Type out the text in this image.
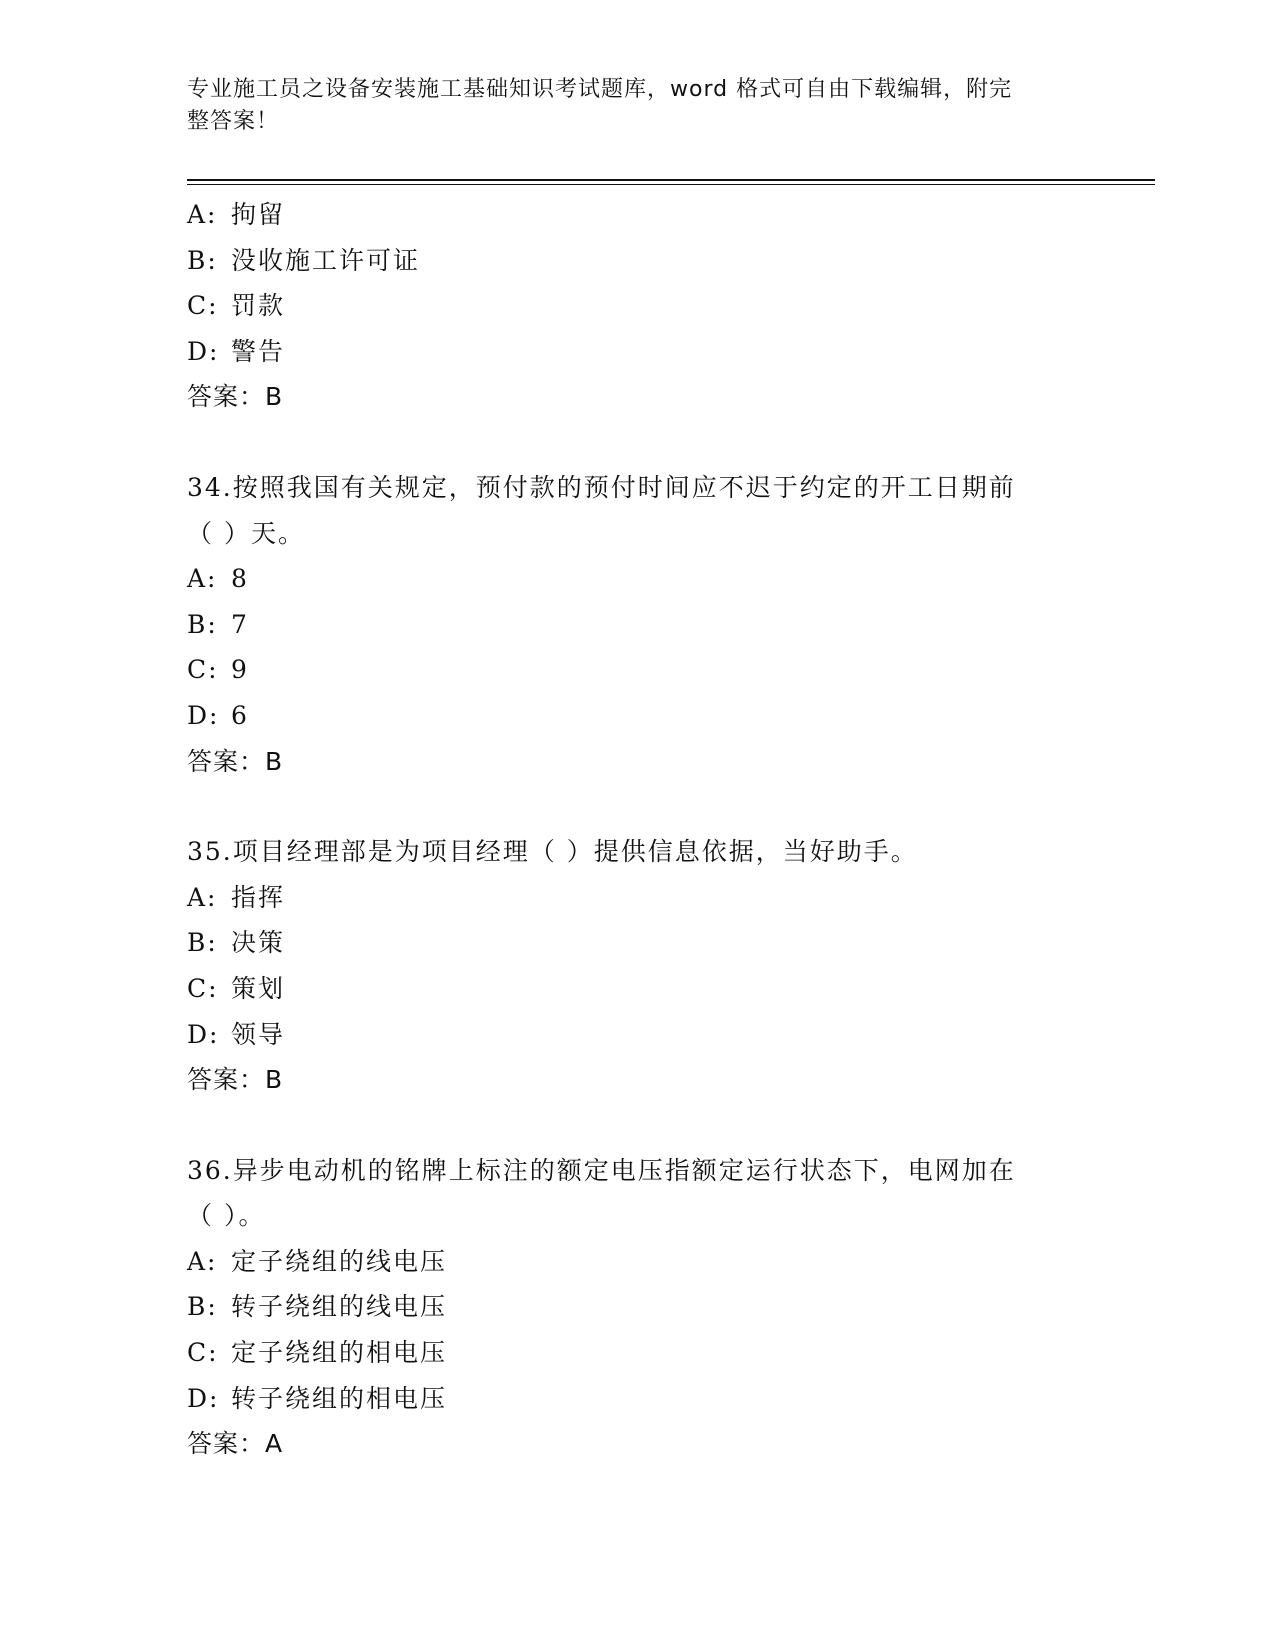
专业施工员之设备安装施工基础知识考试题库，word 格式可自由下载编辑，附完
整答案！
A: 拘留
B: 没收施工许可证
C: 罚款
D: 警告
答案：B
34.按照我国有关规定，预付款的预付时间应不迟于约定的开工日期前
（ ）天。
A: 8
B: 7
C: 9
D: 6
答案：B
35.项目经理部是为项目经理（ ）提供信息依据，当好助手。
A: 指挥
B: 决策
C: 策划
D: 领导
答案：B
36.异步电动机的铭牌上标注的额定电压指额定运行状态下，电网加在
（ ）。
A: 定子绕组的线电压
B: 转子绕组的线电压
C: 定子绕组的相电压
D: 转子绕组的相电压
答案：A
